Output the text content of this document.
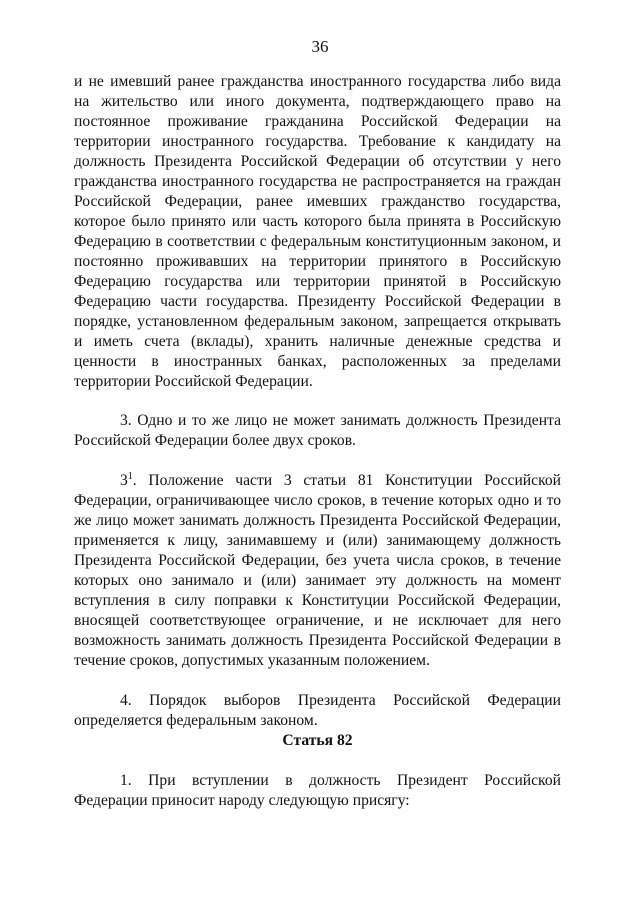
36

и не имевший ранее гражданства иностранного государства либо вида на жительство или иного документа, подтверждающего право на постоянное проживание гражданина Российской Федерации на территории иностранного государства. Требование к кандидату на должность Президента Российской Федерации об отсутствии у него гражданства иностранного государства не распространяется на граждан Российской Федерации, ранее имевших гражданство государства, которое было принято или часть которого была принята в Российскую Федерацию в соответствии с федеральным конституционным законом, и постоянно проживавших на территории принятого в Российскую Федерацию государства или территории принятой в Российскую Федерацию части государства. Президенту Российской Федерации в порядке, установленном федеральным законом, запрещается открывать и иметь счета (вклады), хранить наличные денежные средства и ценности в иностранных банках, расположенных за пределами территории Российской Федерации.

3. Одно и то же лицо не может занимать должность Президента Российской Федерации более двух сроков.

$3^1$. Положение части 3 статьи 81 Конституции Российской Федерации, ограничивающее число сроков, в течение которых одно и то же лицо может занимать должность Президента Российской Федерации, применяется к лицу, занимавшему и (или) занимающему должность Президента Российской Федерации, без учета числа сроков, в течение которых оно занимало и (или) занимает эту должность на момент вступления в силу поправки к Конституции Российской Федерации, вносящей соответствующее ограничение, и не исключает для него возможность занимать должность Президента Российской Федерации в течение сроков, допустимых указанным положением.

4. Порядок выборов Президента Российской Федерации определяется федеральным законом.

Статья 82

1. При вступлении в должность Президент Российской Федерации приносит народу следующую присягу:
